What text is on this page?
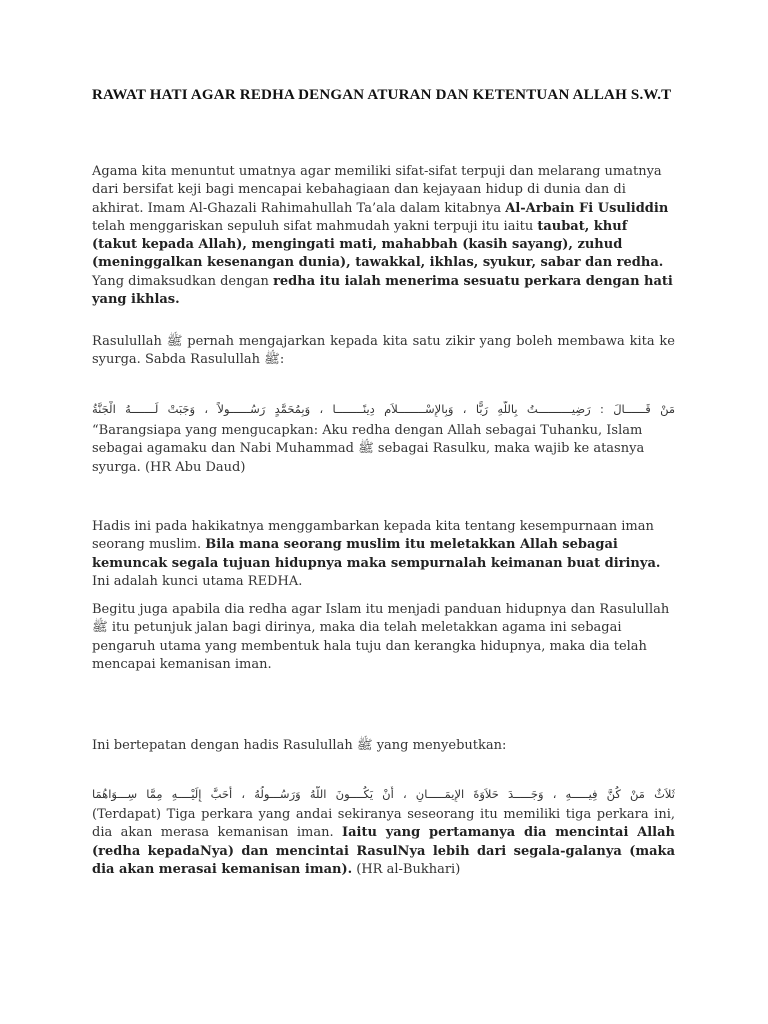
RAWAT HATI AGAR REDHA DENGAN ATURAN DAN KETENTUAN ALLAH S.W.T
Agama kita menuntut umatnya agar memiliki sifat-sifat terpuji dan melarang umatnya dari bersifat keji bagi mencapai kebahagiaan dan kejayaan hidup di dunia dan di akhirat. Imam Al-Ghazali Rahimahullah Ta’ala dalam kitabnya Al-Arbain Fi Usuliddin telah menggariskan sepuluh sifat mahmudah yakni terpuji itu iaitu taubat, khuf (takut kepada Allah), mengingati mati, mahabbah (kasih sayang), zuhud (meninggalkan kesenangan dunia), tawakkal, ikhlas, syukur, sabar dan redha. Yang dimaksudkan dengan redha itu ialah menerima sesuatu perkara dengan hati yang ikhlas.
Rasulullah ﷺ pernah mengajarkan kepada kita satu zikir yang boleh membawa kita ke syurga. Sabda Rasulullah ﷺ:
مَنْ قَــــــالَ : رَضِيــــــــــتُ بِاللَّهِ رَبًّا ، وَبِالإِسْــــــــلاَمِ دِينًــــــــا ، وَبِمُحَمَّدٍ رَسُــــــولاً ، وَجَبَتْ لَـــــــهُ الْجَنَّةُ
“Barangsiapa yang mengucapkan: Aku redha dengan Allah sebagai Tuhanku, Islam sebagai agamaku dan Nabi Muhammad ﷺ sebagai Rasulku, maka wajib ke atasnya syurga. (HR Abu Daud)
Hadis ini pada hakikatnya menggambarkan kepada kita tentang kesempurnaan iman seorang muslim. Bila mana seorang muslim itu meletakkan Allah sebagai kemuncak segala tujuan hidupnya maka sempurnalah keimanan buat dirinya. Ini adalah kunci utama REDHA.
Begitu juga apabila dia redha agar Islam itu menjadi panduan hidupnya dan Rasulullah ﷺ itu petunjuk jalan bagi dirinya, maka dia telah meletakkan agama ini sebagai pengaruh utama yang membentuk hala tuju dan kerangka hidupnya, maka dia telah mencapai kemanisan iman.
Ini bertepatan dengan hadis Rasulullah ﷺ yang menyebutkan:
ثَلاَثٌ مَنْ كُنَّ فِيـــــهِ ، وَجَـــــدَ حَلاَوَةَ الإِيمَـــــانِ ، أَنْ يَكُــــونَ اللَّهُ وَرَسُـــولُهُ ، أَحَبَّ إِلَيْــــهِ مِمَّا سِـــوَاهُمَا
(Terdapat) Tiga perkara yang andai sekiranya seseorang itu memiliki tiga perkara ini, dia akan merasa kemanisan iman. Iaitu yang pertamanya dia mencintai Allah (redha kepadaNya) dan mencintai RasulNya lebih dari segala-galanya (maka dia akan merasai kemanisan iman). (HR al-Bukhari)
